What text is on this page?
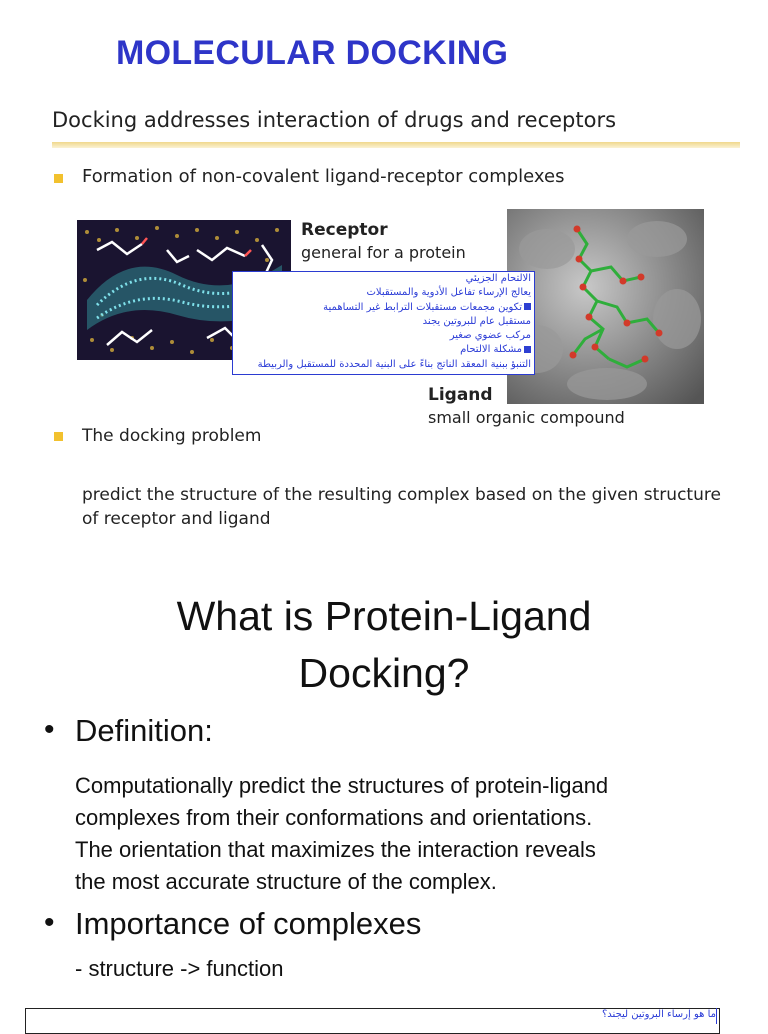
MOLECULAR DOCKING
Docking addresses interaction of drugs and receptors
Formation of non-covalent ligand-receptor complexes
Receptor
general for a protein
الالتحام الجزيئي
يعالج الإرساء تفاعل الأدوية والمستقبلات
تكوين مجمعات مستقبلات الترابط غير التساهمية
مستقبل عام للبروتين يجند
مركب عضوي صغير
مشكلة الالتحام
التنبؤ ببنية المعقد الناتج بناءً على البنية المحددة للمستقبل والربيطة
Ligand
small organic compound
The docking problem
predict the structure of the resulting complex based on the given structure of receptor and ligand
What is Protein-Ligand
Docking?
• Definition:
Computationally predict the structures of protein-ligand
complexes from their conformations and orientations.
The orientation that maximizes the interaction reveals
the most accurate structure of the complex.
• Importance of complexes
- structure -> function
ما هو إرساء البروتين ليجند؟
